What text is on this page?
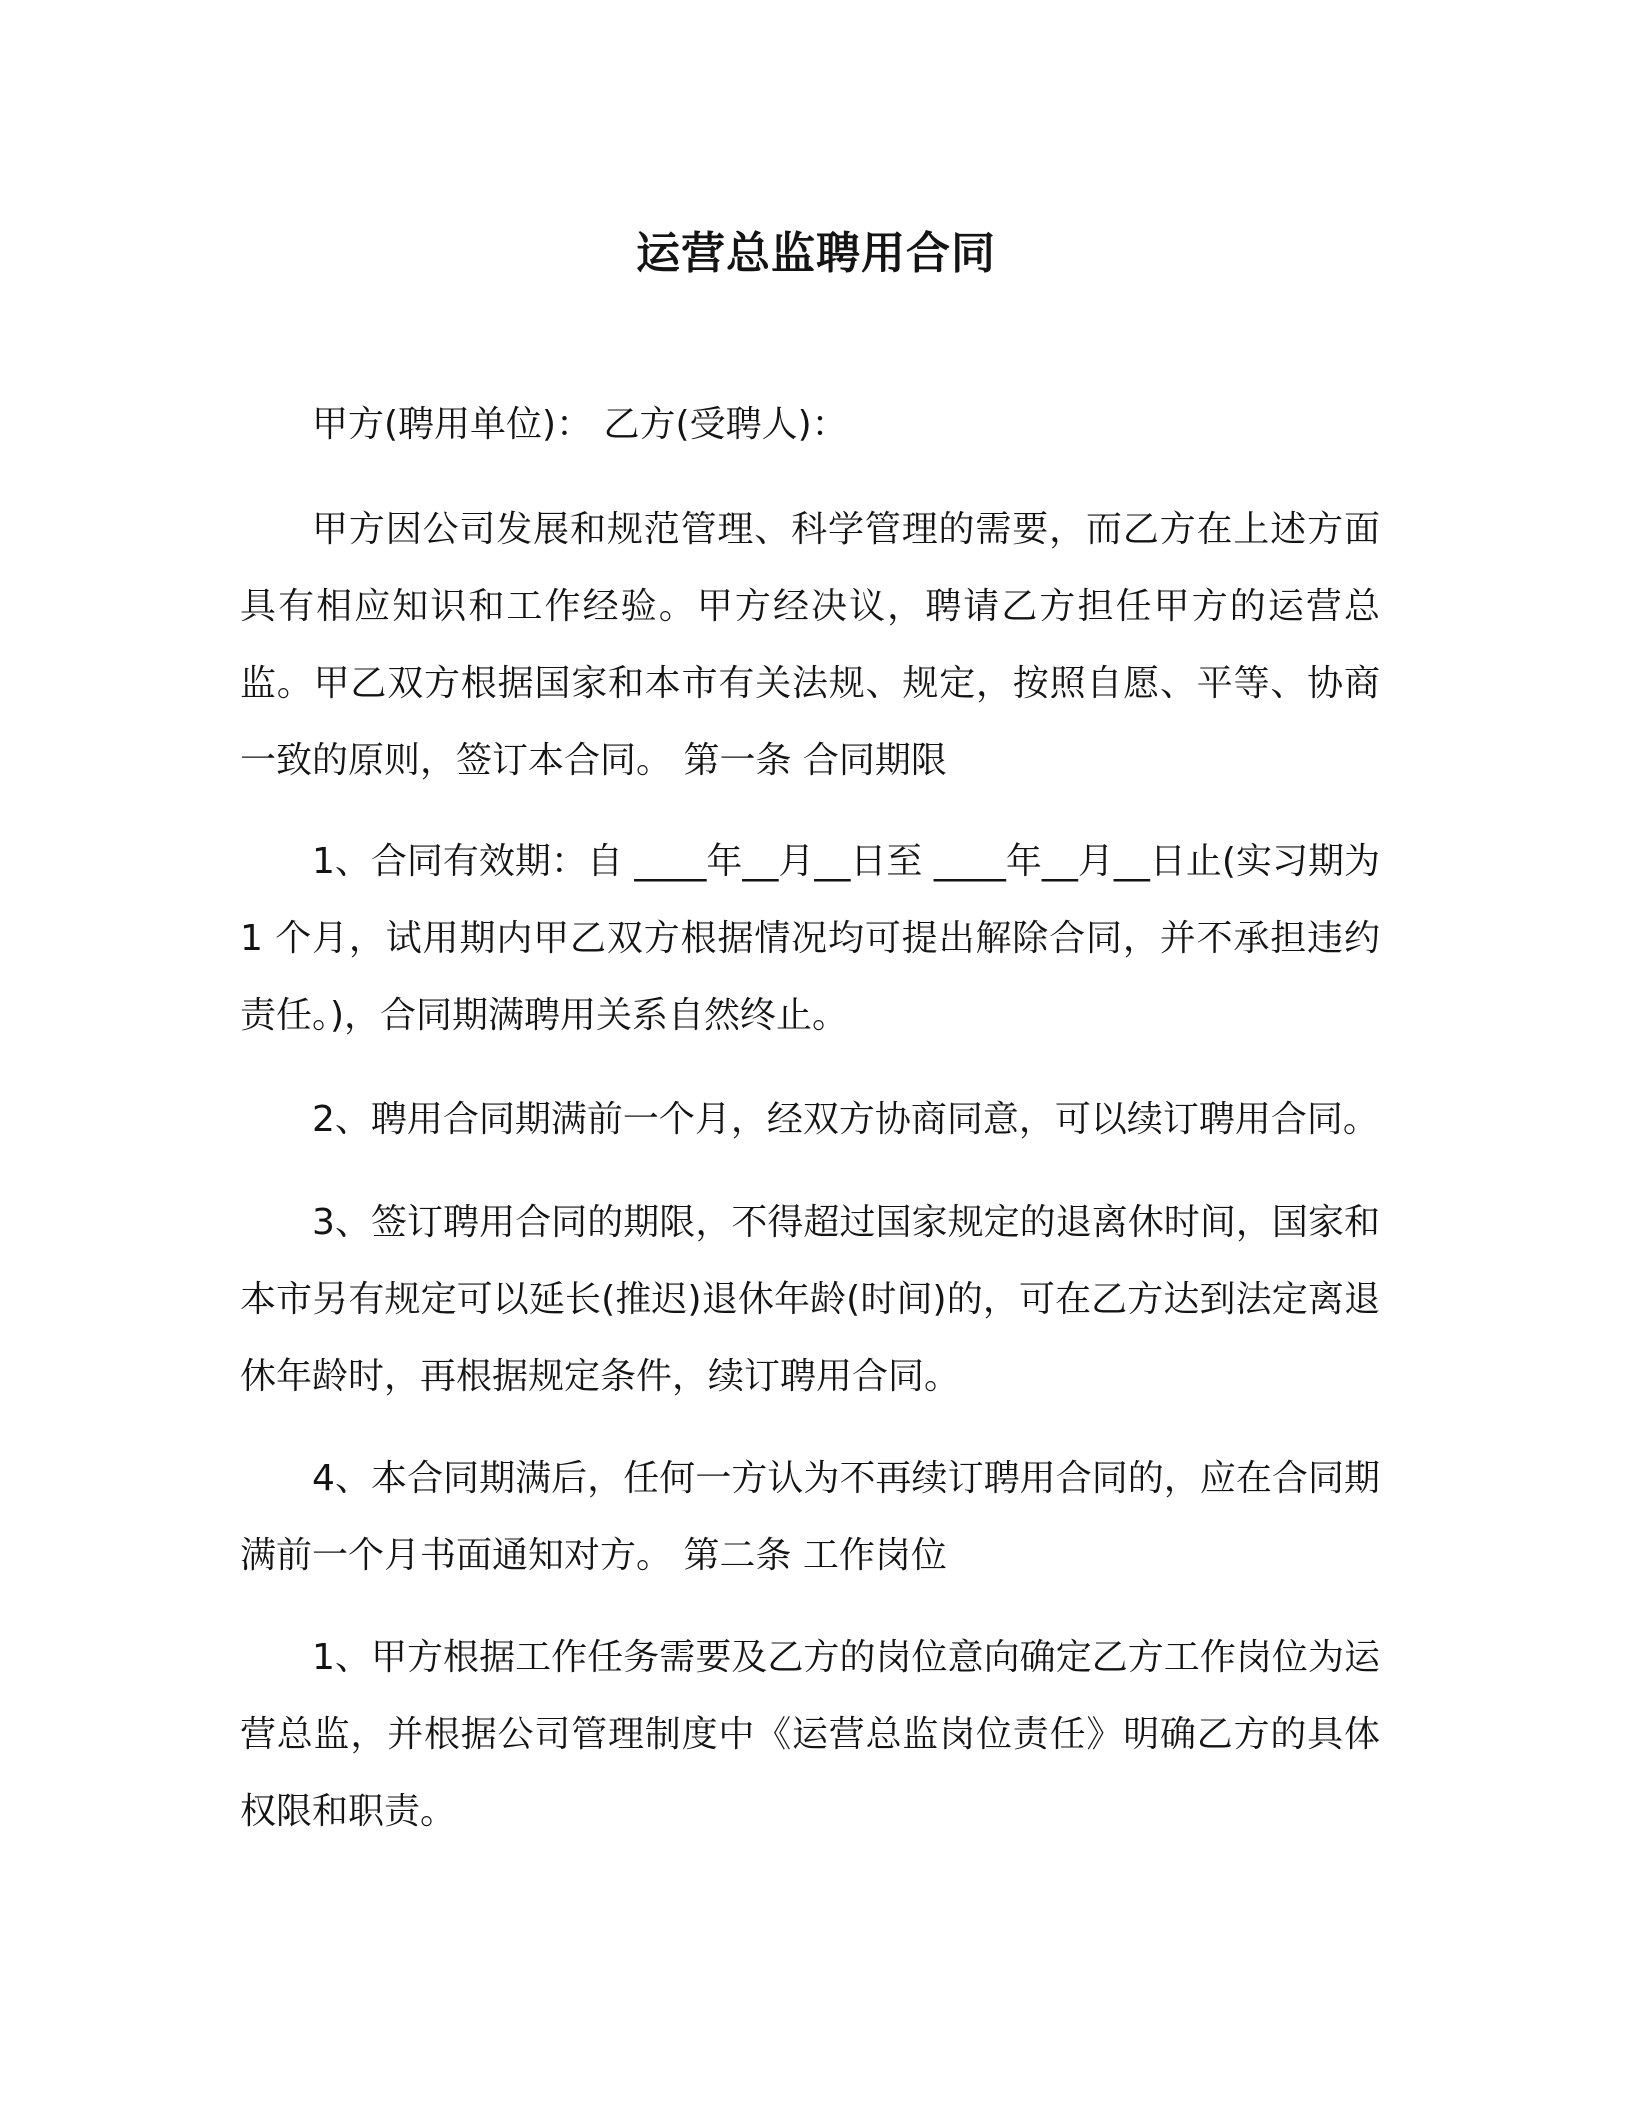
运营总监聘用合同

甲方(聘用单位)： 乙方(受聘人)：

甲方因公司发展和规范管理、科学管理的需要，而乙方在上述方面具有相应知识和工作经验。甲方经决议，聘请乙方担任甲方的运营总监。甲乙双方根据国家和本市有关法规、规定，按照自愿、平等、协商一致的原则，签订本合同。 第一条 合同期限

1、合同有效期：自 ____年__月__日至 ____年__月__日止(实习期为 1 个月，试用期内甲乙双方根据情况均可提出解除合同，并不承担违约责任。)，合同期满聘用关系自然终止。

2、聘用合同期满前一个月，经双方协商同意，可以续订聘用合同。

3、签订聘用合同的期限，不得超过国家规定的退离休时间，国家和本市另有规定可以延长(推迟)退休年龄(时间)的，可在乙方达到法定离退休年龄时，再根据规定条件，续订聘用合同。

4、本合同期满后，任何一方认为不再续订聘用合同的，应在合同期满前一个月书面通知对方。 第二条 工作岗位

1、甲方根据工作任务需要及乙方的岗位意向确定乙方工作岗位为运营总监，并根据公司管理制度中《运营总监岗位责任》明确乙方的具体权限和职责。
